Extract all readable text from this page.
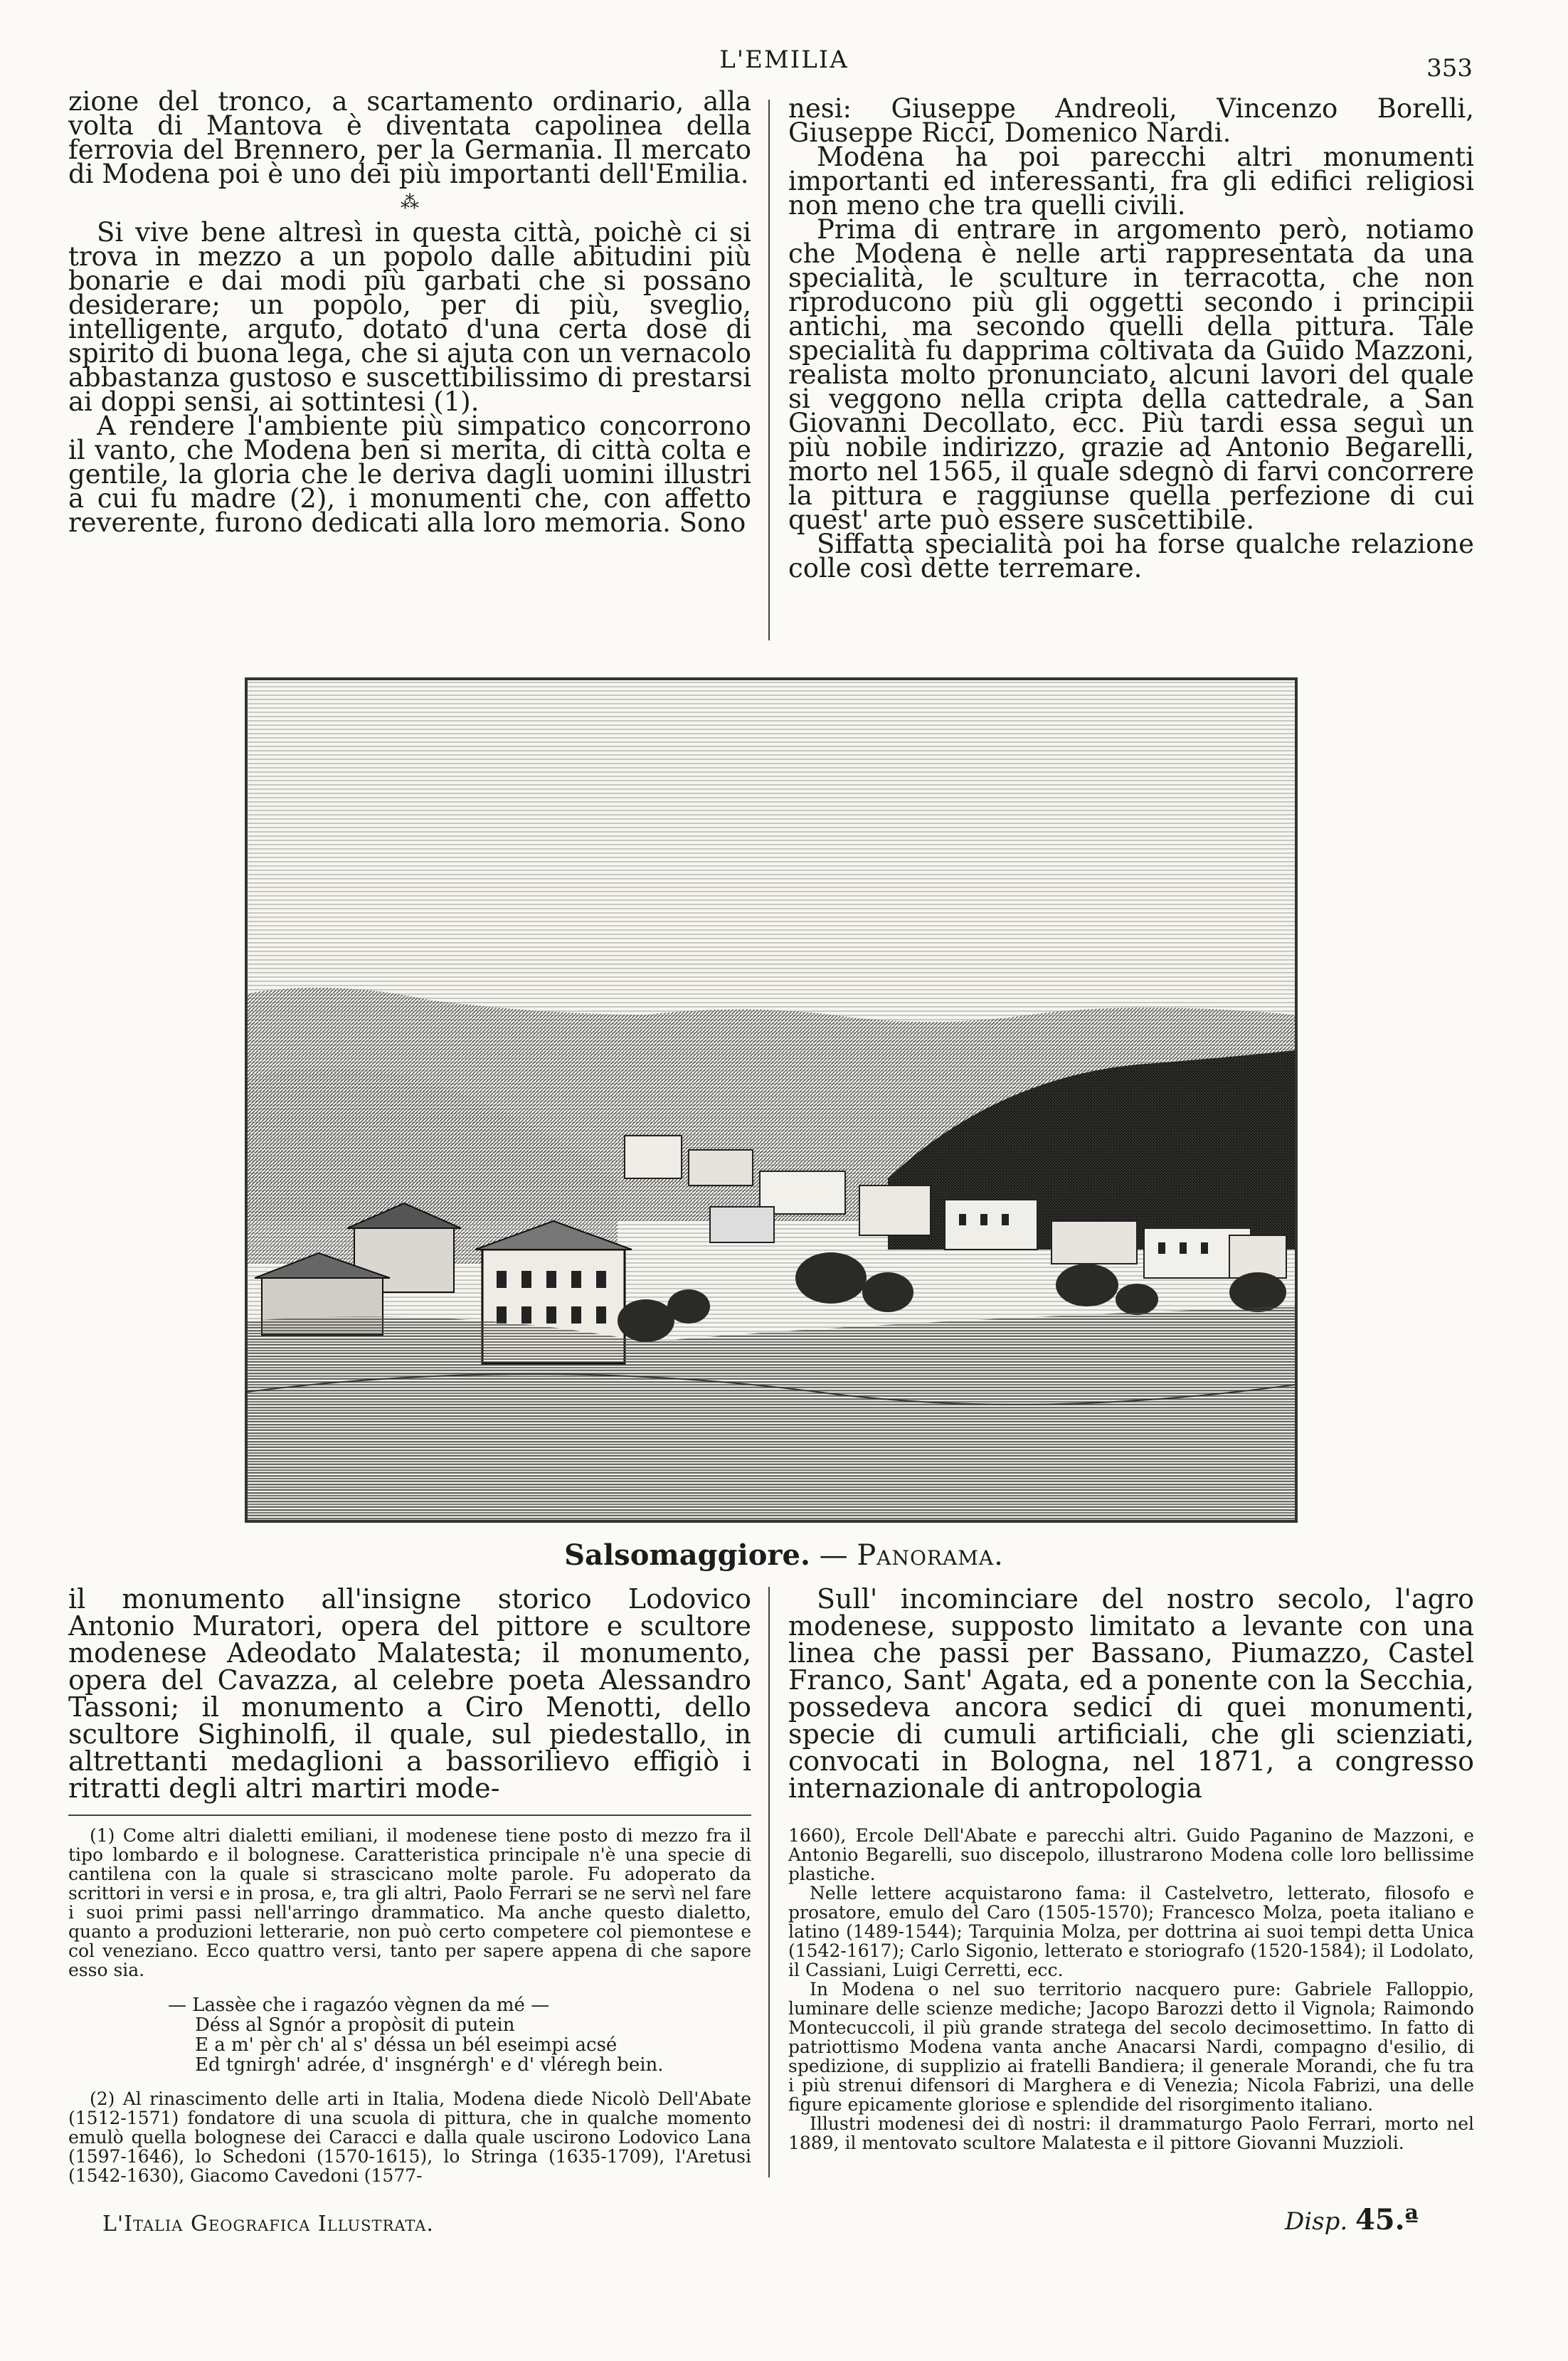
L'EMILIA	353

zione del tronco, a scartamento ordinario, alla volta di Mantova è diventata capolinea della ferrovia del Brennero, per la Germania. Il mercato di Modena poi è uno dei più importanti dell'Emilia.

⁂

Si vive bene altresì in questa città, poichè ci si trova in mezzo a un popolo dalle abitudini più bonarie e dai modi più garbati che si possano desiderare; un popolo, per di più, sveglio, intelligente, arguto, dotato d'una certa dose di spirito di buona lega, che si ajuta con un vernacolo abbastanza gustoso e suscettibilissimo di prestarsi ai doppi sensi, ai sottintesi (1).

A rendere l'ambiente più simpatico concorrono il vanto, che Modena ben si merita, di città colta e gentile, la gloria che le deriva dagli uomini illustri a cui fu madre (2), i monumenti che, con affetto reverente, furono dedicati alla loro memoria. Sono

nesi: Giuseppe Andreoli, Vincenzo Borelli, Giuseppe Ricci, Domenico Nardi.

Modena ha poi parecchi altri monumenti importanti ed interessanti, fra gli edifici religiosi non meno che tra quelli civili.

Prima di entrare in argomento però, notiamo che Modena è nelle arti rappresentata da una specialità, le sculture in terracotta, che non riproducono più gli oggetti secondo i principii antichi, ma secondo quelli della pittura. Tale specialità fu dapprima coltivata da Guido Mazzoni, realista molto pronunciato, alcuni lavori del quale si veggono nella cripta della cattedrale, a San Giovanni Decollato, ecc. Più tardi essa seguì un più nobile indirizzo, grazie ad Antonio Begarelli, morto nel 1565, il quale sdegnò di farvi concorrere la pittura e raggiunse quella perfezione di cui quest' arte può essere suscettibile.

Siffatta specialità poi ha forse qualche relazione colle così dette terremare.

Salsomaggiore. — Panorama.

il monumento all'insigne storico Lodovico Antonio Muratori, opera del pittore e scultore modenese Adeodato Malatesta; il monumento, opera del Cavazza, al celebre poeta Alessandro Tassoni; il monumento a Ciro Menotti, dello scultore Sighinolfi, il quale, sul piedestallo, in altrettanti medaglioni a bassorilievo effigiò i ritratti degli altri martiri mode-

Sull' incominciare del nostro secolo, l'agro modenese, supposto limitato a levante con una linea che passi per Bassano, Piumazzo, Castel Franco, Sant' Agata, ed a ponente con la Secchia, possedeva ancora sedici di quei monumenti, specie di cumuli artificiali, che gli scienziati, convocati in Bologna, nel 1871, a congresso internazionale di antropologia

(1) Come altri dialetti emiliani, il modenese tiene posto di mezzo fra il tipo lombardo e il bolognese. Caratteristica principale n'è una specie di cantilena con la quale si strascicano molte parole. Fu adoperato da scrittori in versi e in prosa, e, tra gli altri, Paolo Ferrari se ne servì nel fare i suoi primi passi nell'arringo drammatico. Ma anche questo dialetto, quanto a produzioni letterarie, non può certo competere col piemontese e col veneziano. Ecco quattro versi, tanto per sapere appena di che sapore esso sia.

— Lassèe che i ragazóo vègnen da mé —
Déss al Sgnór a propòsit di putein
E a m' pèr ch' al s' déssa un bél eseimpi acsé
Ed tgnirgh' adrée, d' insgnérgh' e d' vléregh bein.

(2) Al rinascimento delle arti in Italia, Modena diede Nicolò Dell'Abate (1512-1571) fondatore di una scuola di pittura, che in qualche momento emulò quella bolognese dei Caracci e dalla quale uscirono Lodovico Lana (1597-1646), lo Schedoni (1570-1615), lo Stringa (1635-1709), l'Aretusi (1542-1630), Giacomo Cavedoni (1577-

1660), Ercole Dell'Abate e parecchi altri. Guido Paganino de Mazzoni, e Antonio Begarelli, suo discepolo, illustrarono Modena colle loro bellissime plastiche.

Nelle lettere acquistarono fama: il Castelvetro, letterato, filosofo e prosatore, emulo del Caro (1505-1570); Francesco Molza, poeta italiano e latino (1489-1544); Tarquinia Molza, per dottrina ai suoi tempi detta Unica (1542-1617); Carlo Sigonio, letterato e storiografo (1520-1584); il Lodolato, il Cassiani, Luigi Cerretti, ecc.

In Modena o nel suo territorio nacquero pure: Gabriele Falloppio, luminare delle scienze mediche; Jacopo Barozzi detto il Vignola; Raimondo Montecuccoli, il più grande stratega del secolo decimosettimo. In fatto di patriottismo Modena vanta anche Anacarsi Nardi, compagno d'esilio, di spedizione, di supplizio ai fratelli Bandiera; il generale Morandi, che fu tra i più strenui difensori di Marghera e di Venezia; Nicola Fabrizi, una delle figure epicamente gloriose e splendide del risorgimento italiano.

Illustri modenesi dei dì nostri: il drammaturgo Paolo Ferrari, morto nel 1889, il mentovato scultore Malatesta e il pittore Giovanni Muzzioli.

L'Italia Geografica Illustrata.	Disp. 45.ª
